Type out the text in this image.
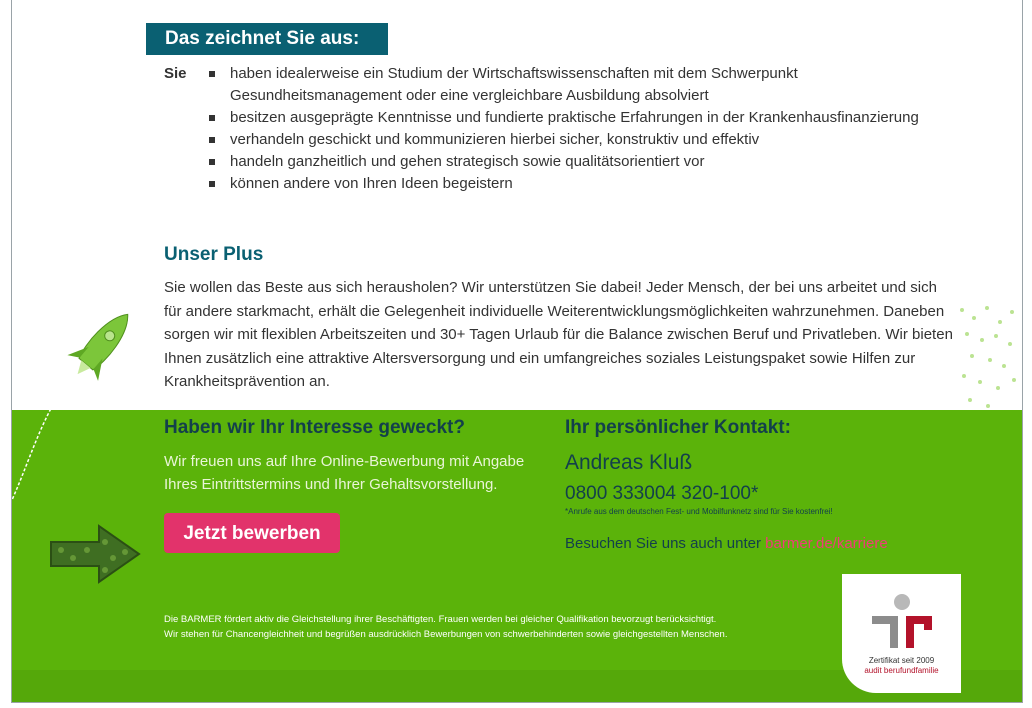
Das zeichnet Sie aus:
Sie	haben idealerweise ein Studium der Wirtschaftswissenschaften mit dem Schwerpunkt Gesundheitsmanagement oder eine vergleichbare Ausbildung absolviert
besitzen ausgeprägte Kenntnisse und fundierte praktische Erfahrungen in der Krankenhausfinanzierung
verhandeln geschickt und kommunizieren hierbei sicher, konstruktiv und effektiv
handeln ganzheitlich und gehen strategisch sowie qualitätsorientiert vor
können andere von Ihren Ideen begeistern
Unser Plus

Sie wollen das Beste aus sich herausholen? Wir unterstützen Sie dabei! Jeder Mensch, der bei uns arbeitet und sich für andere starkmacht, erhält die Gelegenheit individuelle Weiterentwicklungsmöglichkeiten wahrzunehmen. Daneben sorgen wir mit flexiblen Arbeitszeiten und 30+ Tagen Urlaub für die Balance zwischen Beruf und Privatleben. Wir bieten Ihnen zusätzlich eine attraktive Altersversorgung und ein umfangreiches soziales Leistungspaket sowie Hilfen zur Krankheitsprävention an.

Haben wir Ihr Interesse geweckt?

Wir freuen uns auf Ihre Online-Bewerbung mit Angabe Ihres Eintrittstermins und Ihrer Gehaltsvorstellung.

Jetzt bewerben
Ihr persönlicher Kontakt:
Andreas Kluß
0800 333004 320-100*
*Anrufe aus dem deutschen Fest- und Mobilfunknetz sind für Sie kostenfrei!
Besuchen Sie uns auch unter barmer.de/karriere
Die BARMER fördert aktiv die Gleichstellung ihrer Beschäftigten. Frauen werden bei gleicher Qualifikation bevorzugt berücksichtigt.
Wir stehen für Chancengleichheit und begrüßen ausdrücklich Bewerbungen von schwerbehinderten sowie gleichgestellten Menschen.
Zertifikat seit 2009
audit berufundfamilie
